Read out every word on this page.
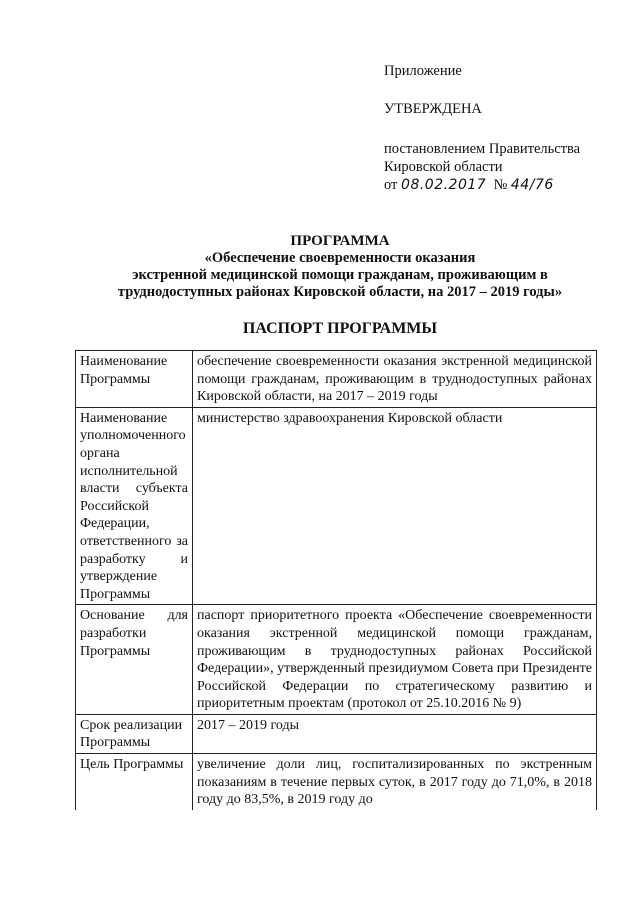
Приложение
УТВЕРЖДЕНА
постановлением Правительства
Кировской области
от 08.02.2017 № 44/76
ПРОГРАММА
«Обеспечение своевременности оказания
экстренной медицинской помощи гражданам, проживающим в
труднодоступных районах Кировской области, на 2017 – 2019 годы»
ПАСПОРТ ПРОГРАММЫ
Наименование Программы	обеспечение своевременности оказания экстренной медицинской помощи гражданам, проживающим в труднодоступных районах Кировской области, на 2017 – 2019 годы
Наименование уполномоченного органа исполнительной власти субъекта Российской Федерации, ответственного за разработку и утверждение Программы	министерство здравоохранения Кировской области
Основание для разработки Программы	паспорт приоритетного проекта «Обеспечение своевременности оказания экстренной медицинской помощи гражданам, проживающим в труднодоступных районах Российской Федерации», утвержденный президиумом Совета при Президенте Российской Федерации по стратегическому развитию и приоритетным проектам (протокол от 25.10.2016 № 9)
Срок реализации Программы	2017 – 2019 годы
Цель Программы	увеличение доли лиц, госпитализированных по экстренным показаниям в течение первых суток, в 2017 году до 71,0%, в 2018 году до 83,5%, в 2019 году до
